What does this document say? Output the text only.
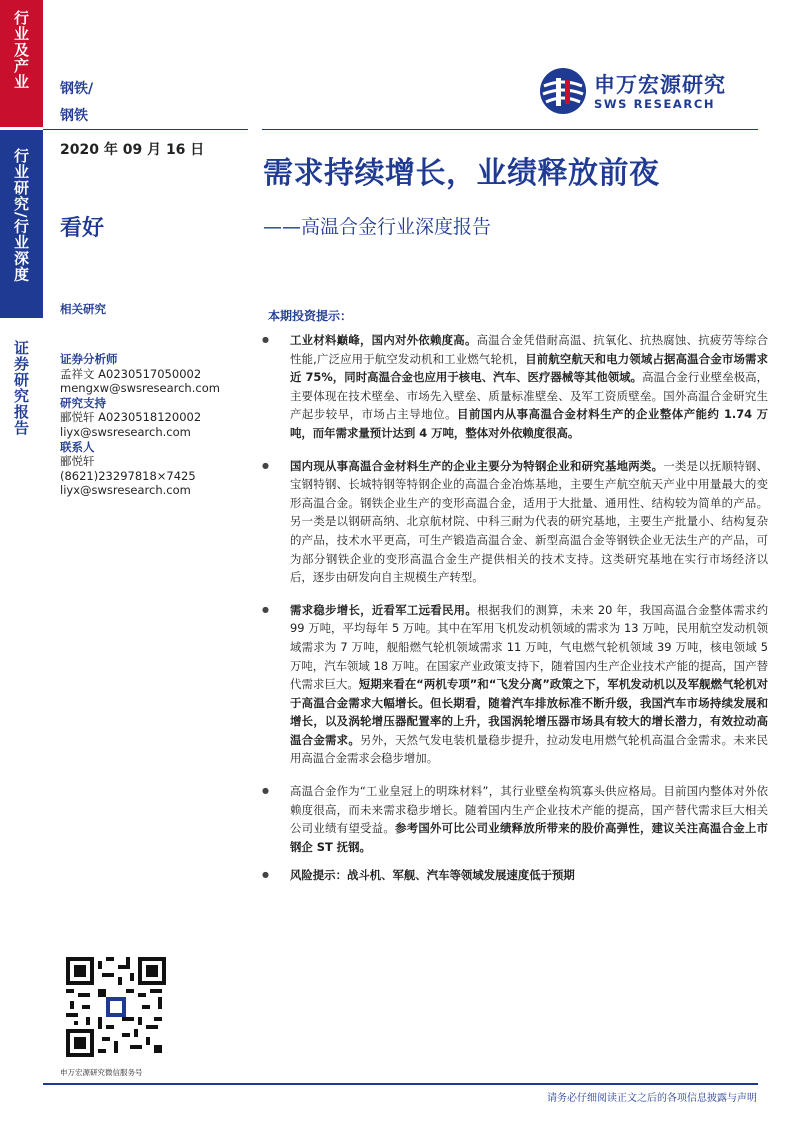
行业及产业
行业研究/行业深度
证券研究报告
钢铁/
钢铁
2020 年 09 月 16 日
看好
相关研究
证券分析师
孟祥文 A0230517050002
mengxw@swsresearch.com
研究支持
郦悦轩 A0230518120002
liyx@swsresearch.com
联系人
郦悦轩
(8621)23297818×7425
liyx@swsresearch.com
申万宏源研究
SWS RESEARCH
需求持续增长，业绩释放前夜
——高温合金行业深度报告
本期投资提示：
● 工业材料巅峰，国内对外依赖度高。高温合金凭借耐高温、抗氧化、抗热腐蚀、抗疲劳等综合性能,广泛应用于航空发动机和工业燃气轮机，目前航空航天和电力领域占据高温合金市场需求近 75%，同时高温合金也应用于核电、汽车、医疗器械等其他领域。高温合金行业壁垒极高，主要体现在技术壁垒、市场先入壁垒、质量标准壁垒、及军工资质壁垒。国外高温合金研究生产起步较早，市场占主导地位。目前国内从事高温合金材料生产的企业整体产能约 1.74 万吨，而年需求量预计达到 4 万吨，整体对外依赖度很高。
● 国内现从事高温合金材料生产的企业主要分为特钢企业和研究基地两类。一类是以抚顺特钢、宝钢特钢、长城特钢等特钢企业的高温合金冶炼基地，主要生产航空航天产业中用量最大的变形高温合金。钢铁企业生产的变形高温合金，适用于大批量、通用性、结构较为简单的产品。另一类是以钢研高纳、北京航材院、中科三耐为代表的研究基地，主要生产批量小、结构复杂的产品，技术水平更高，可生产锻造高温合金、新型高温合金等钢铁企业无法生产的产品，可为部分钢铁企业的变形高温合金生产提供相关的技术支持。这类研究基地在实行市场经济以后，逐步由研发向自主规模生产转型。
● 需求稳步增长，近看军工远看民用。根据我们的测算，未来 20 年，我国高温合金整体需求约 99 万吨，平均每年 5 万吨。其中在军用飞机发动机领域的需求为 13 万吨，民用航空发动机领域需求为 7 万吨，舰船燃气轮机领域需求 11 万吨，气电燃气轮机领域 39 万吨，核电领域 5 万吨，汽车领域 18 万吨。在国家产业政策支持下，随着国内生产企业技术产能的提高，国产替代需求巨大。短期来看在“两机专项”和“飞发分离”政策之下，军机发动机以及军舰燃气轮机对于高温合金需求大幅增长。但长期看，随着汽车排放标准不断升级，我国汽车市场持续发展和增长，以及涡轮增压器配置率的上升，我国涡轮增压器市场具有较大的增长潜力，有效拉动高温合金需求。另外，天然气发电装机量稳步提升，拉动发电用燃气轮机高温合金需求。未来民用高温合金需求会稳步增加。
● 高温合金作为“工业皇冠上的明珠材料”，其行业壁垒构筑寡头供应格局。目前国内整体对外依赖度很高，而未来需求稳步增长。随着国内生产企业技术产能的提高，国产替代需求巨大相关公司业绩有望受益。参考国外可比公司业绩释放所带来的股价高弹性，建议关注高温合金上市钢企 ST 抚钢。
● 风险提示：战斗机、军舰、汽车等领域发展速度低于预期
申万宏源研究微信服务号
请务必仔细阅读正文之后的各项信息披露与声明
